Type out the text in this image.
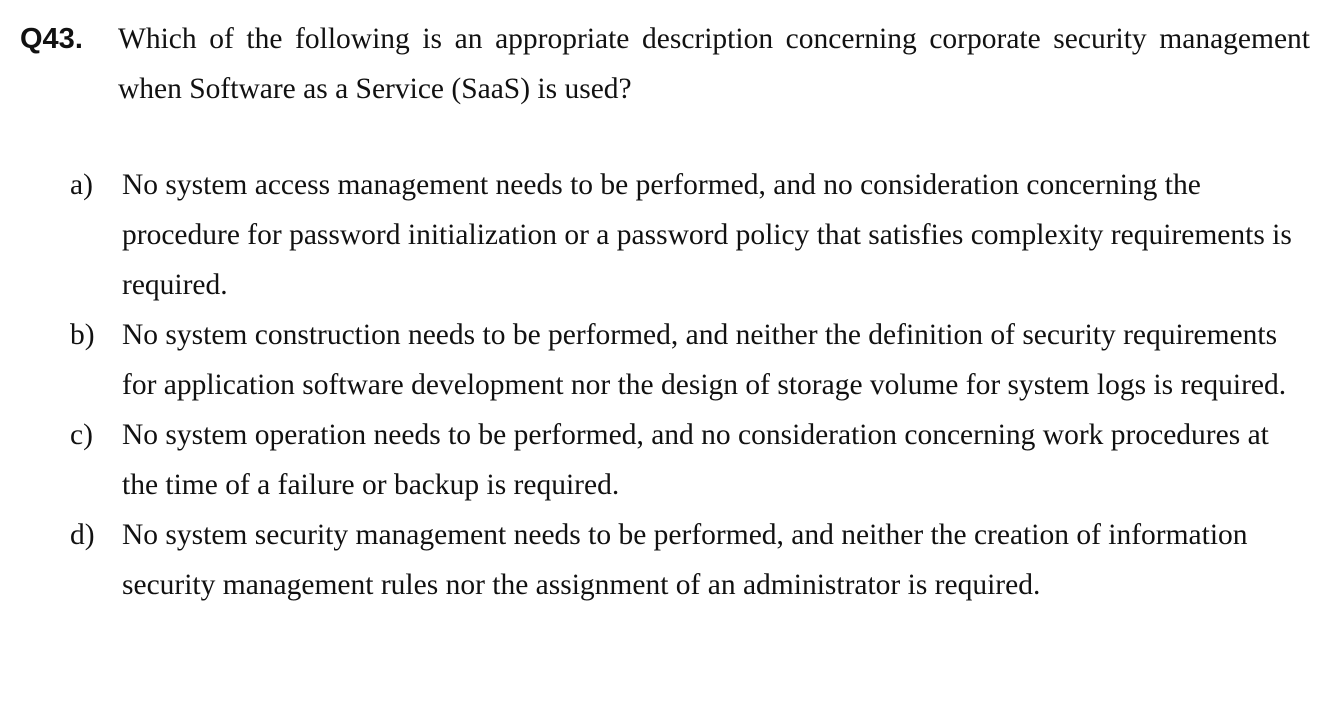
Q43.	Which of the following is an appropriate description concerning corporate security management when Software as a Service (SaaS) is used?
a) No system access management needs to be performed, and no consideration concerning the procedure for password initialization or a password policy that satisfies complexity requirements is required.
b) No system construction needs to be performed, and neither the definition of security requirements for application software development nor the design of storage volume for system logs is required.
c) No system operation needs to be performed, and no consideration concerning work procedures at the time of a failure or backup is required.
d) No system security management needs to be performed, and neither the creation of information security management rules nor the assignment of an administrator is required.
